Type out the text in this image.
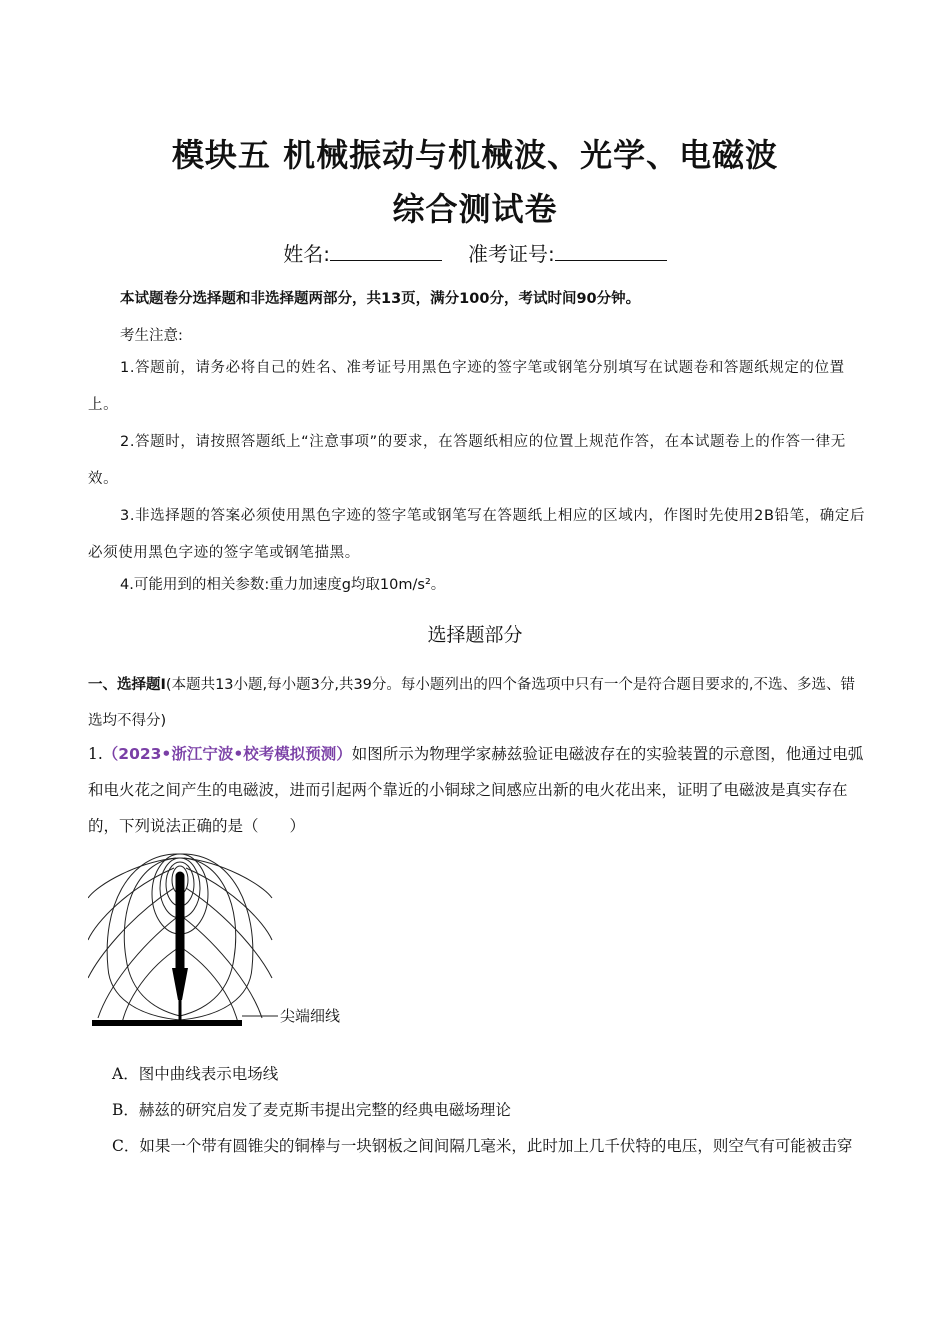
模块五 机械振动与机械波、光学、电磁波
综合测试卷
姓名:	准考证号:
本试题卷分选择题和非选择题两部分，共13页，满分100分，考试时间90分钟。
考生注意:
1.答题前，请务必将自己的姓名、准考证号用黑色字迹的签字笔或钢笔分别填写在试题卷和答题纸规定的位置上。
2.答题时，请按照答题纸上“注意事项”的要求，在答题纸相应的位置上规范作答，在本试题卷上的作答一律无效。
3.非选择题的答案必须使用黑色字迹的签字笔或钢笔写在答题纸上相应的区域内，作图时先使用2B铅笔，确定后必须使用黑色字迹的签字笔或钢笔描黑。
4.可能用到的相关参数:重力加速度g均取10m/s²。
选择题部分
一、选择题Ⅰ(本题共13小题,每小题3分,共39分。每小题列出的四个备选项中只有一个是符合题目要求的,不选、多选、错选均不得分)
1.（2023•浙江宁波•校考模拟预测）如图所示为物理学家赫兹验证电磁波存在的实验装置的示意图，他通过电弧和电火花之间产生的电磁波，进而引起两个靠近的小铜球之间感应出新的电火花出来，证明了电磁波是真实存在的，下列说法正确的是（　　）
尖端细线
A．图中曲线表示电场线
B．赫兹的研究启发了麦克斯韦提出完整的经典电磁场理论
C．如果一个带有圆锥尖的铜棒与一块钢板之间间隔几毫米，此时加上几千伏特的电压，则空气有可能被击穿
